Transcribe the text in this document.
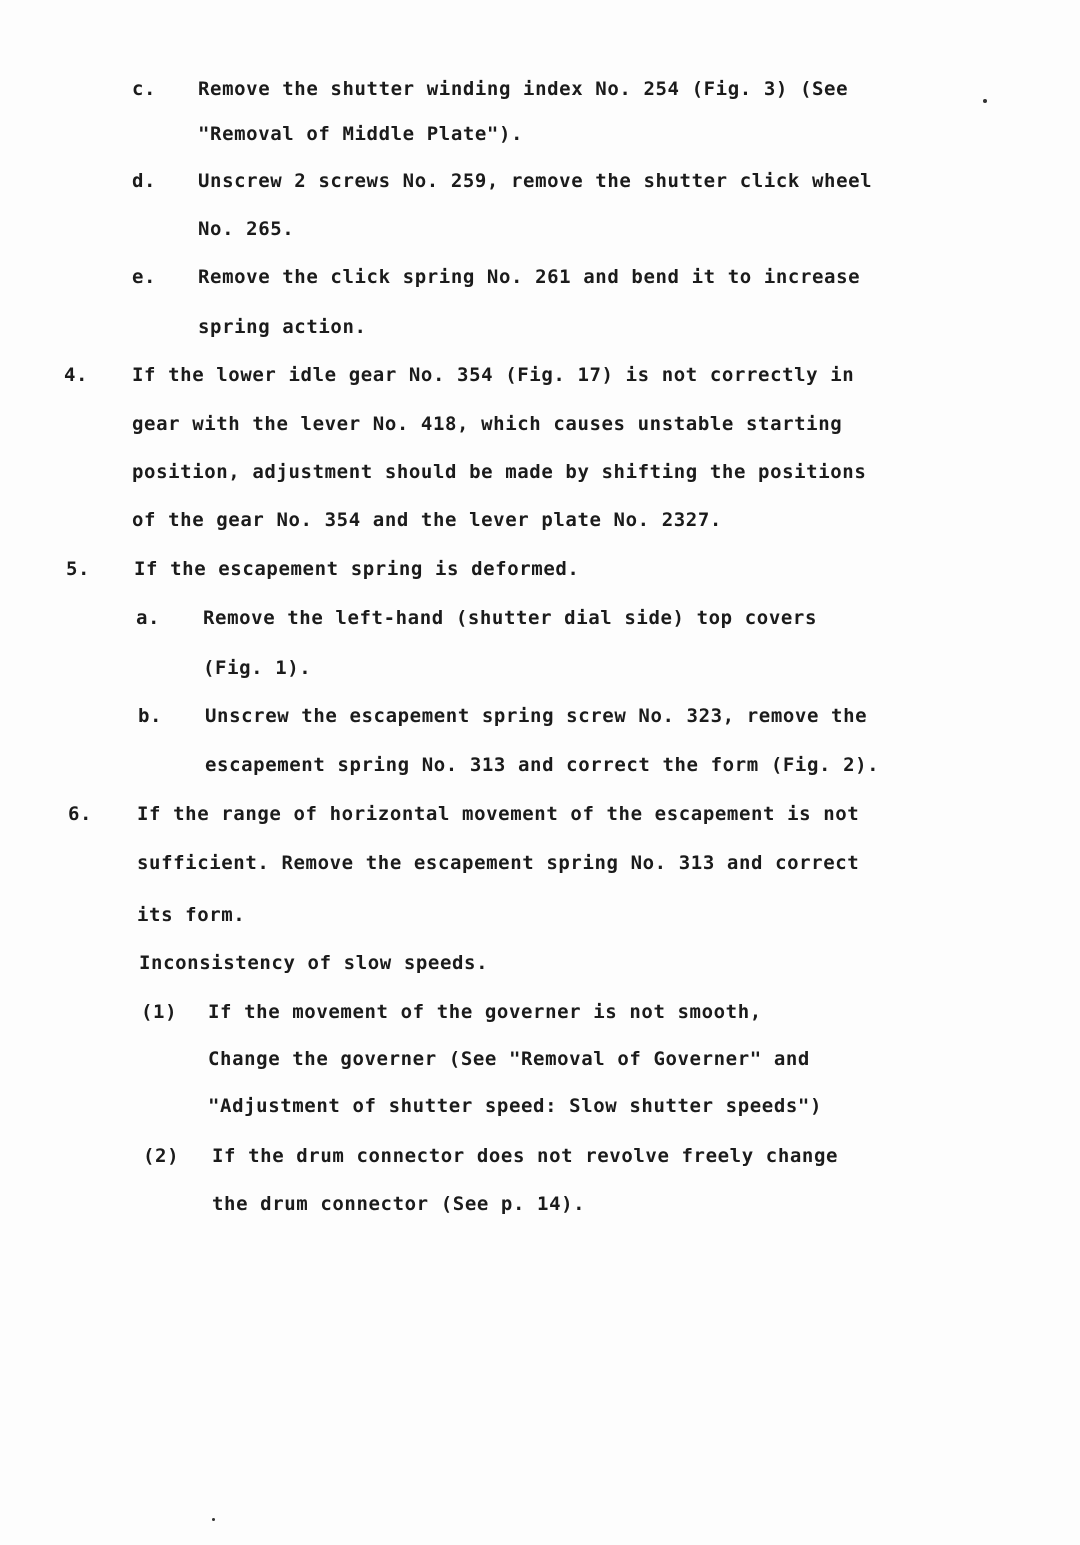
c. Remove the shutter winding index No. 254 (Fig. 3) (See
"Removal of Middle Plate").
d. Unscrew 2 screws No. 259, remove the shutter click wheel
No. 265.
e. Remove the click spring No. 261 and bend it to increase
spring action.
4. If the lower idle gear No. 354 (Fig. 17) is not correctly in
gear with the lever No. 418, which causes unstable starting
position, adjustment should be made by shifting the positions
of the gear No. 354 and the lever plate No. 2327.
5. If the escapement spring is deformed.
a. Remove the left-hand (shutter dial side) top covers
(Fig. 1).
b. Unscrew the escapement spring screw No. 323, remove the
escapement spring No. 313 and correct the form (Fig. 2).
6. If the range of horizontal movement of the escapement is not
sufficient. Remove the escapement spring No. 313 and correct
its form.
Inconsistency of slow speeds.
(1) If the movement of the governer is not smooth,
Change the governer (See "Removal of Governer" and
"Adjustment of shutter speed: Slow shutter speeds")
(2) If the drum connector does not revolve freely change
the drum connector (See p. 14).
